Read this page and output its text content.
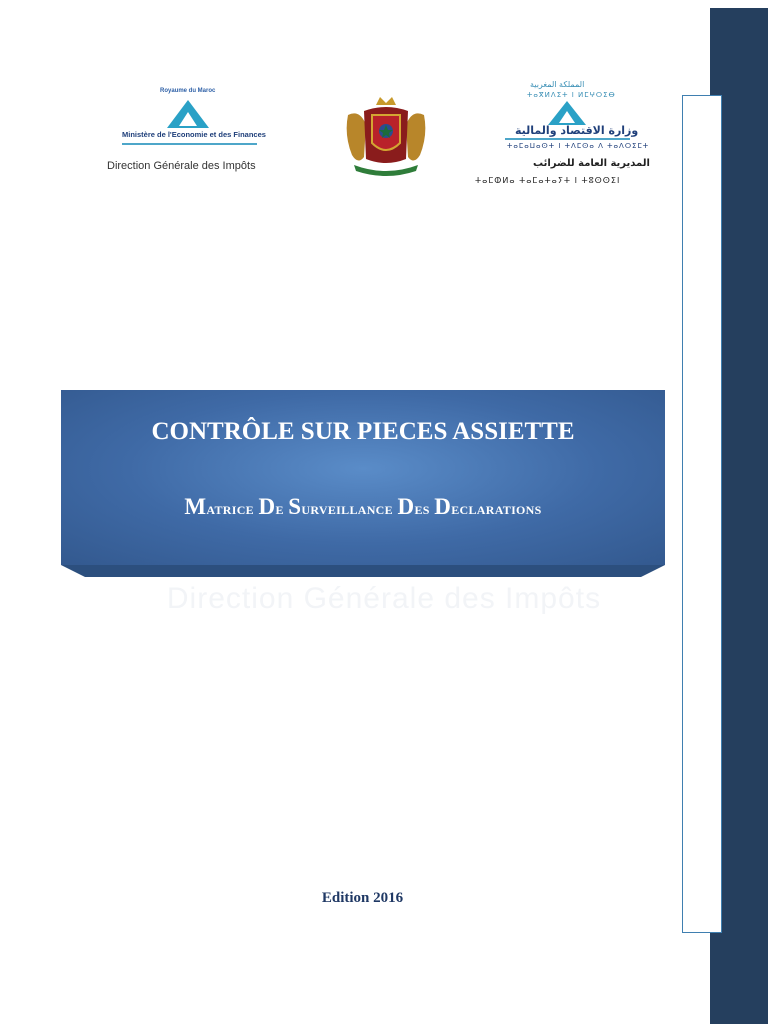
Royaume du Maroc
Ministère de l'Economie et des Finances
Direction Générale des Impôts
المملكة المغربية
ⵜⴰⴳⵍⴷⵉⵜ ⵏ ⵍⵎⵖⵔⵉⴱ
وزارة الاقتصاد والمالية
ⵜⴰⵎⴰⵡⴰⵙⵜ ⵏ ⵜⴷⵎⵙⴰ ⴷ ⵜⴰⴷⵔⵉⵎⵜ
المديرية العامة للضرائب
ⵜⴰⵎⵀⵍⴰ ⵜⴰⵎⴰⵜⴰⵢⵜ ⵏ ⵜⵓⵙⵙⵉⵏ
CONTRÔLE SUR PIECES ASSIETTE
Matrice De Surveillance Des Declarations
Direction Générale des Impôts
Edition 2016
